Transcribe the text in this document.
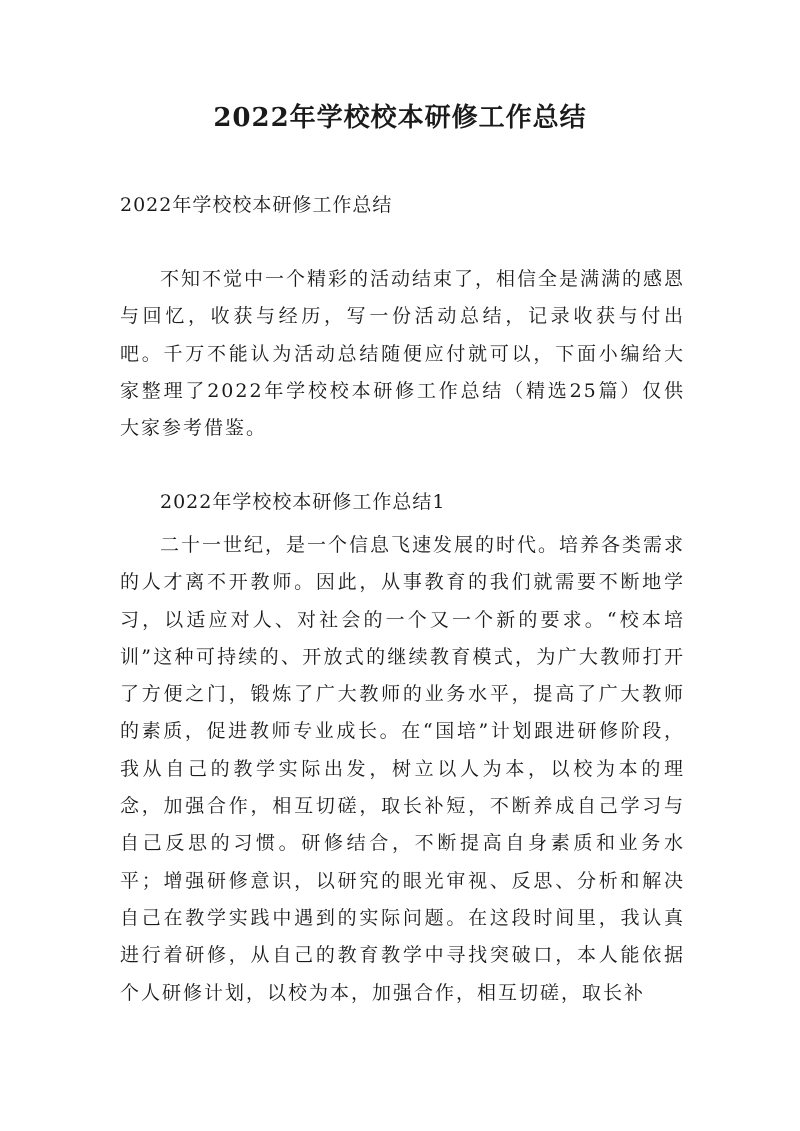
2022年学校校本研修工作总结
2022年学校校本研修工作总结

不知不觉中一个精彩的活动结束了，相信全是满满的感恩与回忆，收获与经历，写一份活动总结，记录收获与付出吧。千万不能认为活动总结随便应付就可以，下面小编给大家整理了2022年学校校本研修工作总结（精选25篇）仅供大家参考借鉴。

2022年学校校本研修工作总结1

二十一世纪，是一个信息飞速发展的时代。培养各类需求的人才离不开教师。因此，从事教育的我们就需要不断地学习，以适应对人、对社会的一个又一个新的要求。“校本培训”这种可持续的、开放式的继续教育模式，为广大教师打开了方便之门，锻炼了广大教师的业务水平，提高了广大教师的素质，促进教师专业成长。在“国培”计划跟进研修阶段，我从自己的教学实际出发，树立以人为本，以校为本的理念，加强合作，相互切磋，取长补短，不断养成自己学习与自己反思的习惯。研修结合，不断提高自身素质和业务水平；增强研修意识，以研究的眼光审视、反思、分析和解决自己在教学实践中遇到的实际问题。在这段时间里，我认真进行着研修，从自己的教育教学中寻找突破口，本人能依据个人研修计划，以校为本，加强合作，相互切磋，取长补
